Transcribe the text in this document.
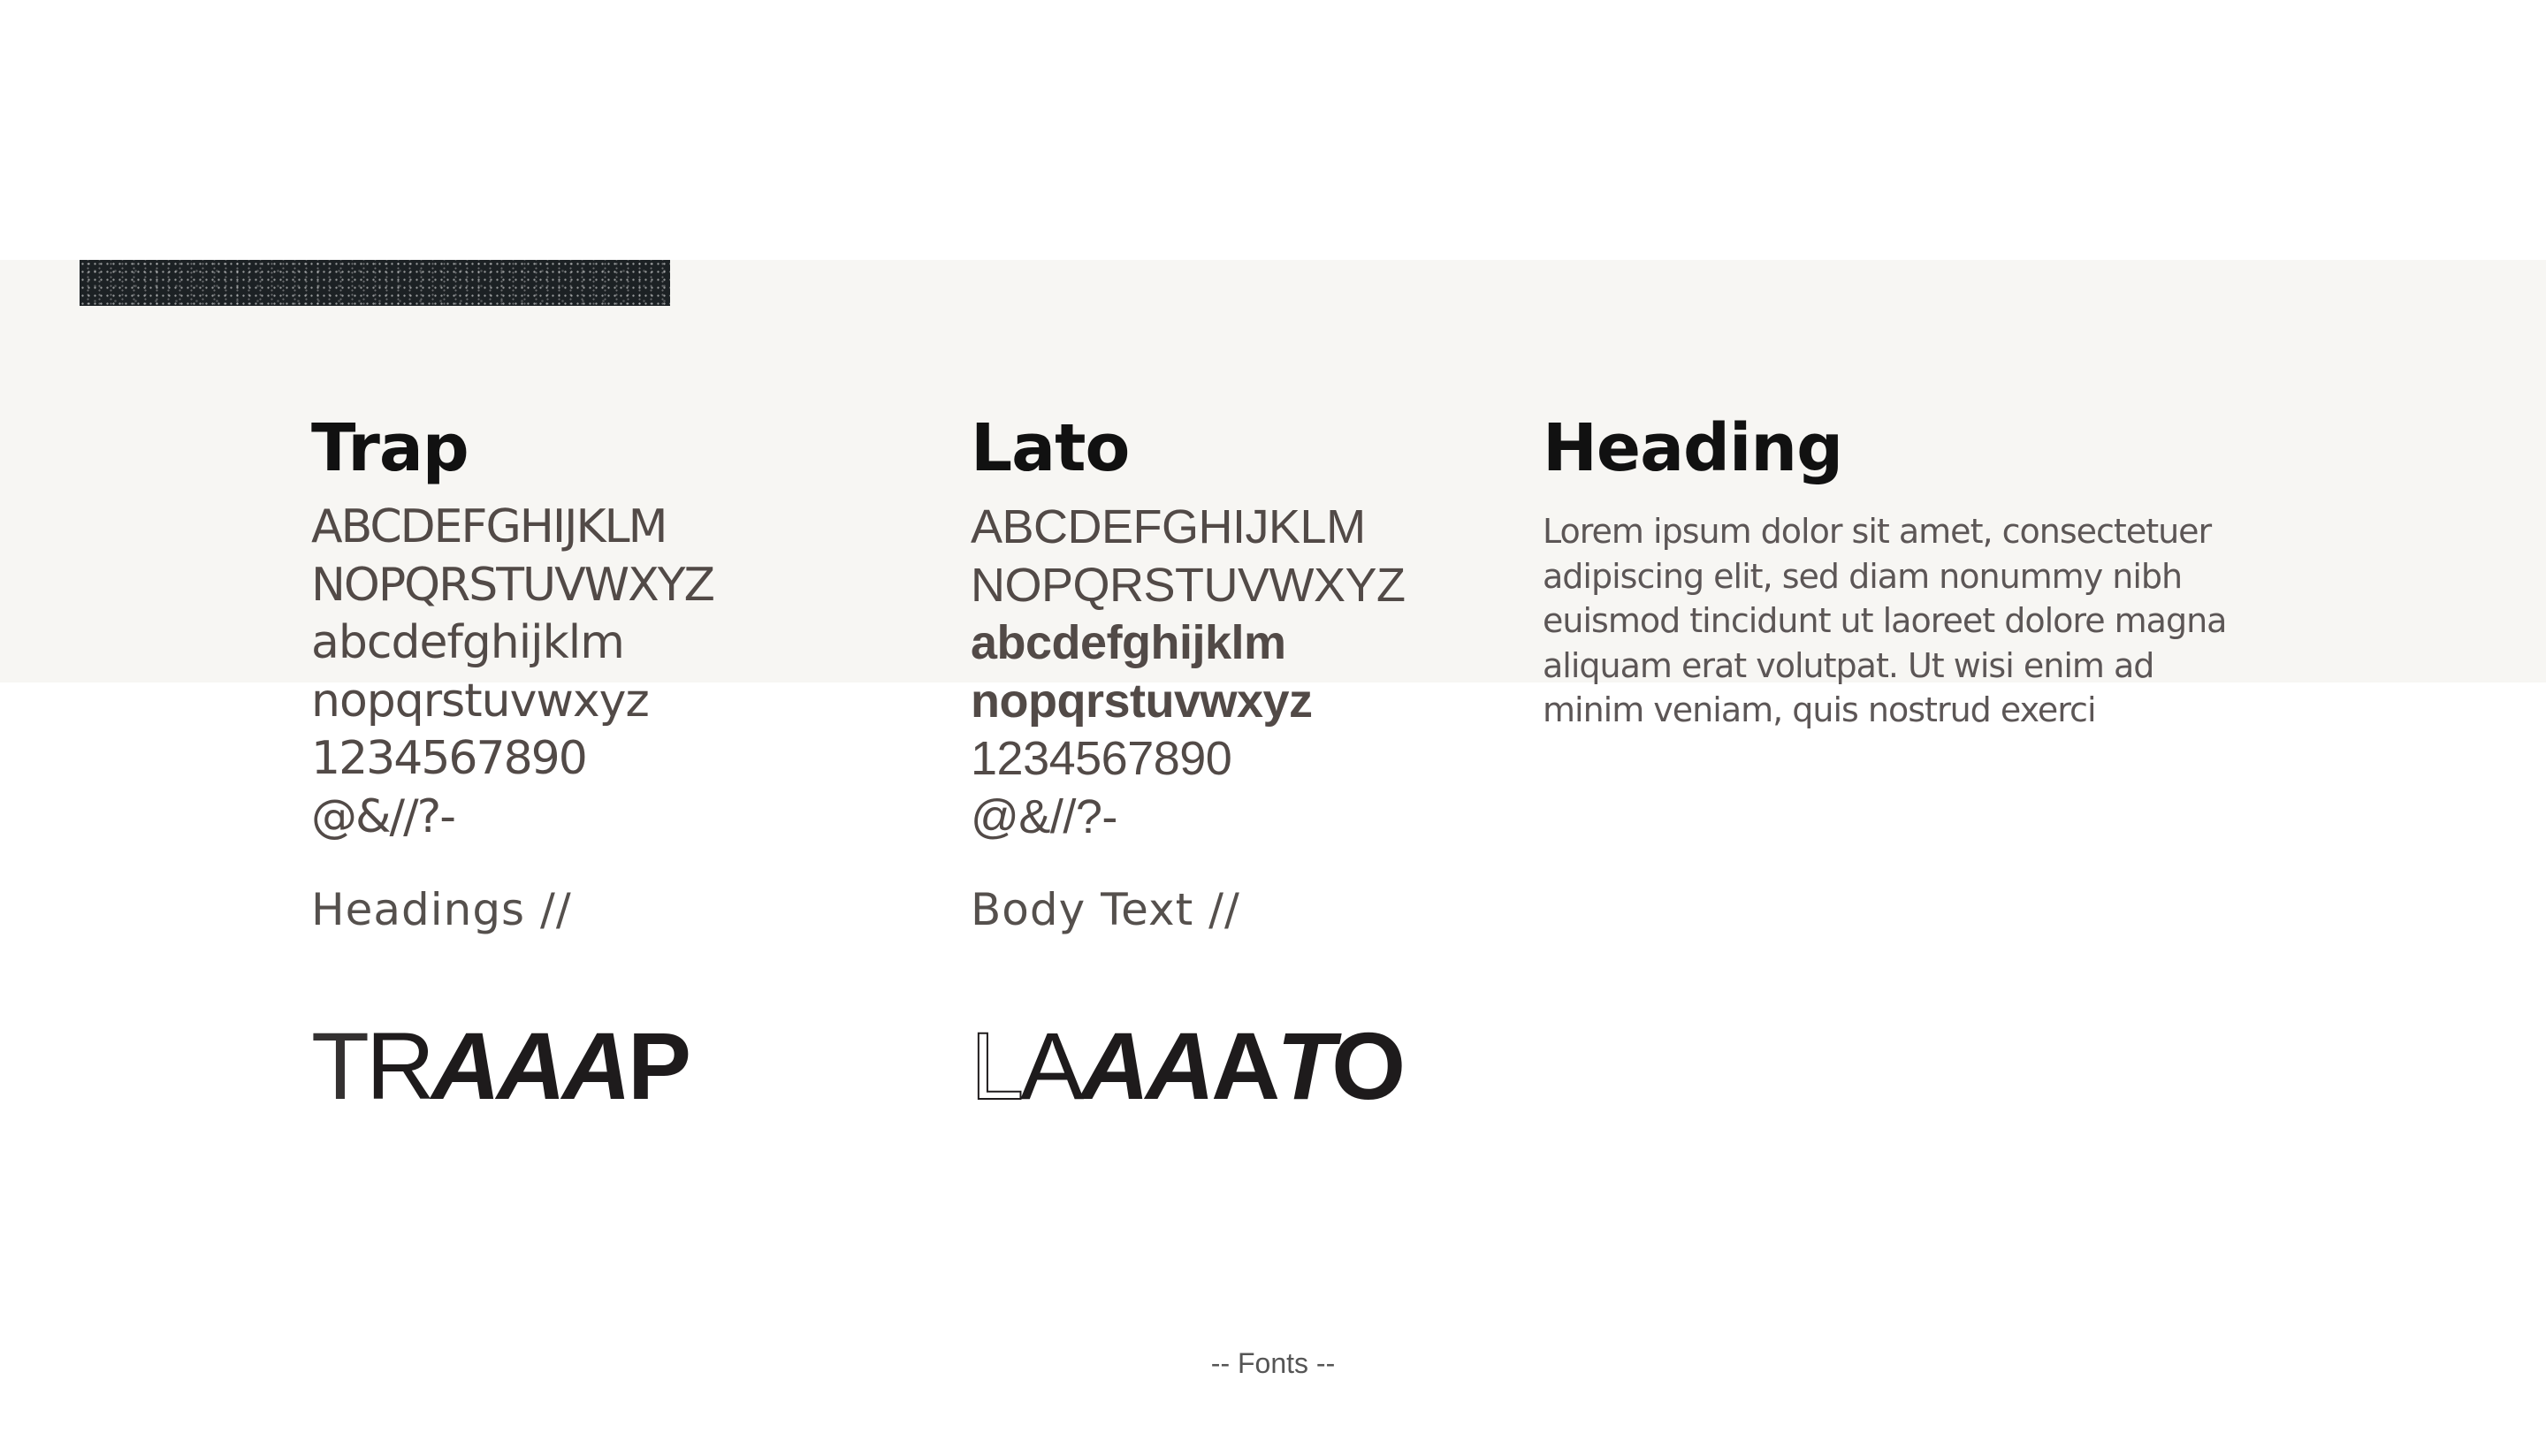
Trap
ABCDEFGHIJKLM
NOPQRSTUVWXYZ
abcdefghijklm
nopqrstuvwxyz
1234567890
@&//?-
Headings //
TRAAAP
Lato
ABCDEFGHIJKLM
NOPQRSTUVWXYZ
abcdefghijklm
nopqrstuvwxyz
1234567890
@&//?-
Body Text //
LAAAATO
Heading

Lorem ipsum dolor sit amet, consectetuer adipiscing elit, sed diam nonummy nibh euismod tincidunt ut laoreet dolore magna aliquam erat volutpat. Ut wisi enim ad minim veniam, quis nostrud exerci

-- Fonts --
